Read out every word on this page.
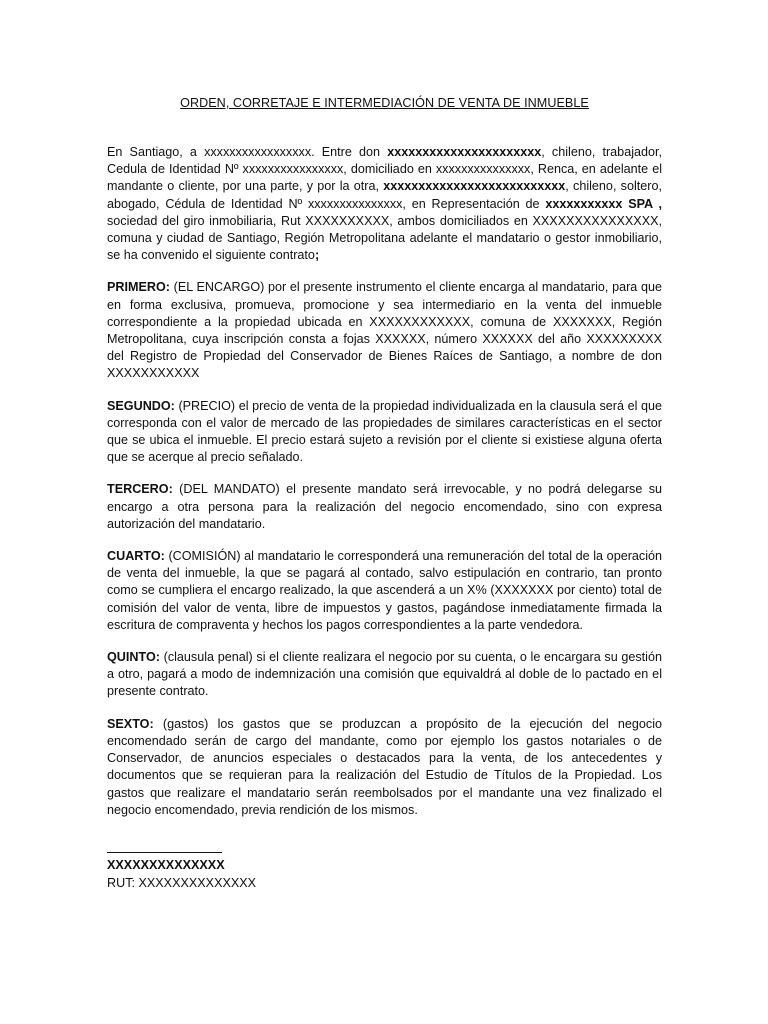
ORDEN, CORRETAJE E INTERMEDIACIÓN DE VENTA DE INMUEBLE

En Santiago, a xxxxxxxxxxxxxxxxx. Entre don xxxxxxxxxxxxxxxxxxxxxx, chileno, trabajador, Cedula de Identidad Nº xxxxxxxxxxxxxxxx, domiciliado en xxxxxxxxxxxxxxx, Renca, en adelante el mandante o cliente, por una parte, y por la otra, xxxxxxxxxxxxxxxxxxxxxxxxxx, chileno, soltero, abogado, Cédula de Identidad Nº xxxxxxxxxxxxxxx, en Representación de xxxxxxxxxxx SPA , sociedad del giro inmobiliaria, Rut XXXXXXXXXX, ambos domiciliados en XXXXXXXXXXXXXXX, comuna y ciudad de Santiago, Región Metropolitana adelante el mandatario o gestor inmobiliario, se ha convenido el siguiente contrato;

PRIMERO: (EL ENCARGO) por el presente instrumento el cliente encarga al mandatario, para que en forma exclusiva, promueva, promocione y sea intermediario en la venta del inmueble correspondiente a la propiedad ubicada en XXXXXXXXXXXX, comuna de XXXXXXX, Región Metropolitana, cuya inscripción consta a fojas XXXXXX, número XXXXXX del año XXXXXXXXX del Registro de Propiedad del Conservador de Bienes Raíces de Santiago, a nombre de don XXXXXXXXXXX

SEGUNDO: (PRECIO) el precio de venta de la propiedad individualizada en la clausula será el que corresponda con el valor de mercado de las propiedades de similares características en el sector que se ubica el inmueble. El precio estará sujeto a revisión por el cliente si existiese alguna oferta que se acerque al precio señalado.

TERCERO: (DEL MANDATO) el presente mandato será irrevocable, y no podrá delegarse su encargo a otra persona para la realización del negocio encomendado, sino con expresa autorización del mandatario.

CUARTO: (COMISIÓN) al mandatario le corresponderá una remuneración del total de la operación de venta del inmueble, la que se pagará al contado, salvo estipulación en contrario, tan pronto como se cumpliera el encargo realizado, la que ascenderá a un X% (XXXXXXX por ciento) total de comisión del valor de venta, libre de impuestos y gastos, pagándose inmediatamente firmada la escritura de compraventa y hechos los pagos correspondientes a la parte vendedora.

QUINTO: (clausula penal) si el cliente realizara el negocio por su cuenta, o le encargara su gestión a otro, pagará a modo de indemnización una comisión que equivaldrá al doble de lo pactado en el presente contrato.

SEXTO: (gastos) los gastos que se produzcan a propósito de la ejecución del negocio encomendado serán de cargo del mandante, como por ejemplo los gastos notariales o de Conservador, de anuncios especiales o destacados para la venta, de los antecedentes y documentos que se requieran para la realización del Estudio de Títulos de la Propiedad. Los gastos que realizare el mandatario serán reembolsados por el mandante una vez finalizado el negocio encomendado, previa rendición de los mismos.

XXXXXXXXXXXXXX
RUT: XXXXXXXXXXXXXX
